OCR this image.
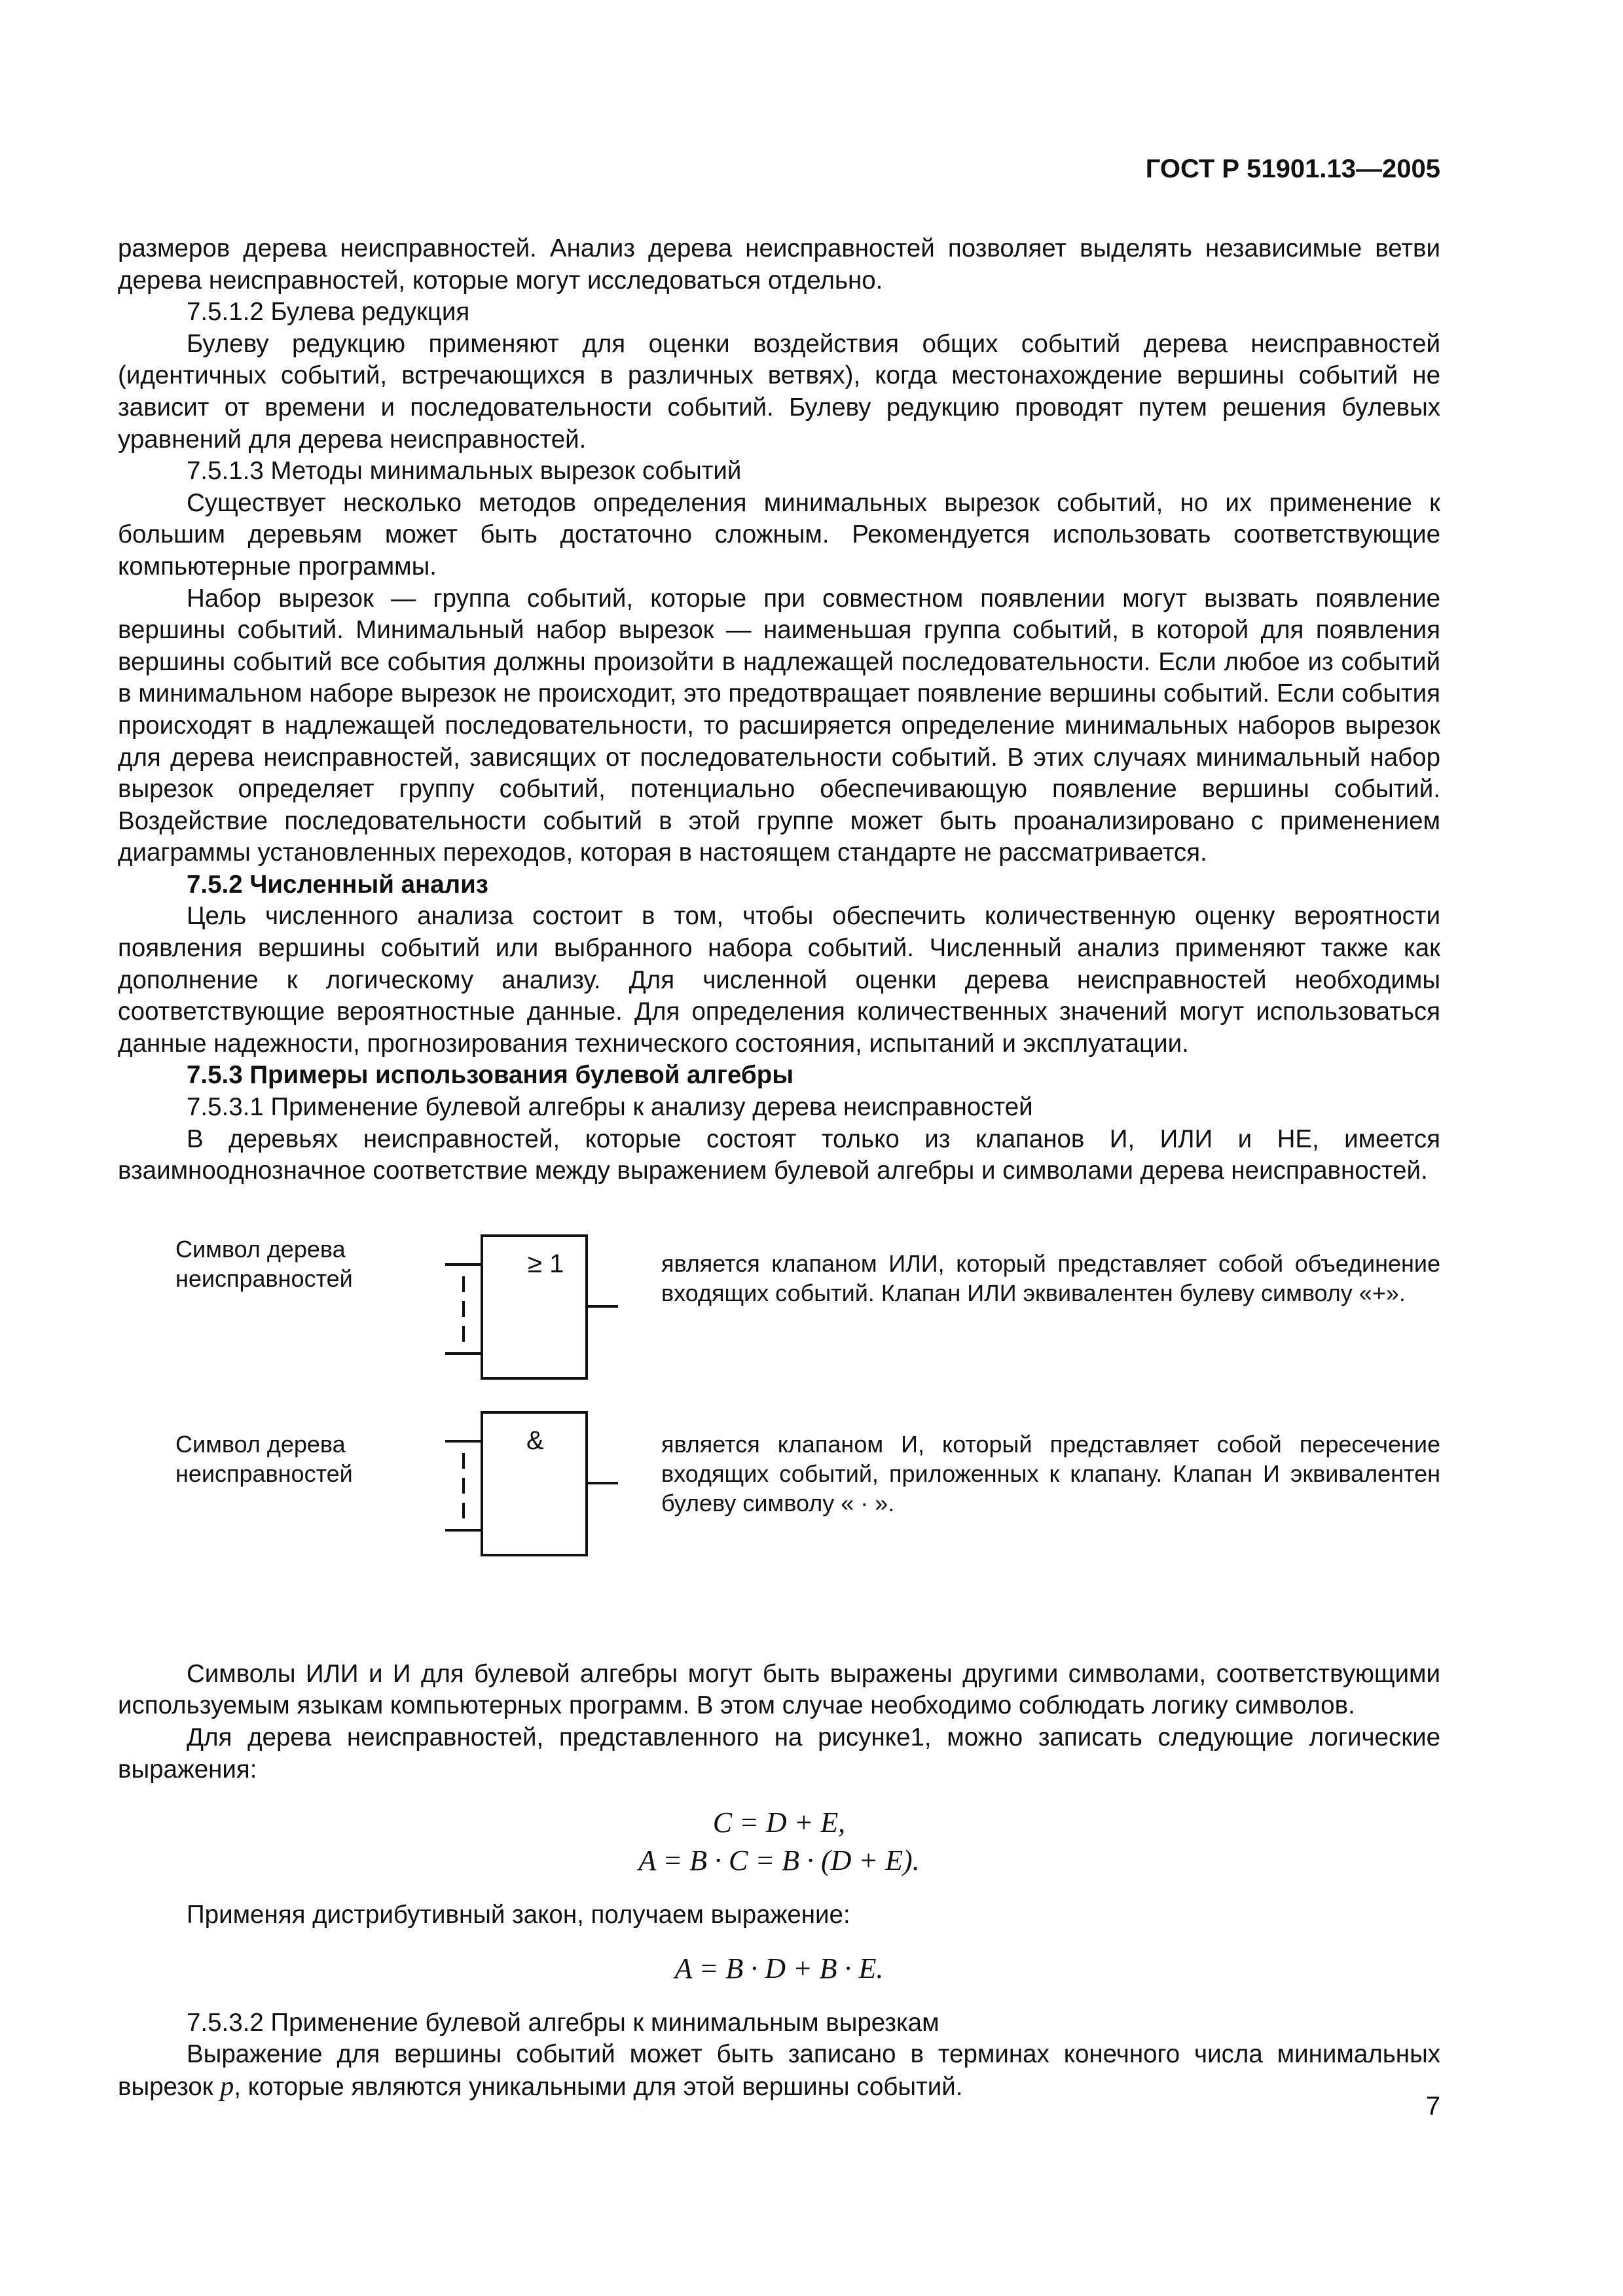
ГОСТ Р 51901.13—2005

размеров дерева неисправностей. Анализ дерева неисправностей позволяет выделять независимые ветви дерева неисправностей, которые могут исследоваться отдельно.

7.5.1.2 Булева редукция

Булеву редукцию применяют для оценки воздействия общих событий дерева неисправностей (идентичных событий, встречающихся в различных ветвях), когда местонахождение вершины событий не зависит от времени и последовательности событий. Булеву редукцию проводят путем решения булевых уравнений для дерева неисправностей.

7.5.1.3 Методы минимальных вырезок событий

Существует несколько методов определения минимальных вырезок событий, но их применение к большим деревьям может быть достаточно сложным. Рекомендуется использовать соответствующие компьютерные программы.

Набор вырезок — группа событий, которые при совместном появлении могут вызвать появление вершины событий. Минимальный набор вырезок — наименьшая группа событий, в которой для появления вершины событий все события должны произойти в надлежащей последовательности. Если любое из событий в минимальном наборе вырезок не происходит, это предотвращает появление вершины событий. Если события происходят в надлежащей последовательности, то расширяется определение минимальных наборов вырезок для дерева неисправностей, зависящих от последовательности событий. В этих случаях минимальный набор вырезок определяет группу событий, потенциально обеспечивающую появление вершины событий. Воздействие последовательности событий в этой группе может быть проанализировано с применением диаграммы установленных переходов, которая в настоящем стандарте не рассматривается.

7.5.2 Численный анализ

Цель численного анализа состоит в том, чтобы обеспечить количественную оценку вероятности появления вершины событий или выбранного набора событий. Численный анализ применяют также как дополнение к логическому анализу. Для численной оценки дерева неисправностей необходимы соответствующие вероятностные данные. Для определения количественных значений могут использоваться данные надежности, прогнозирования технического состояния, испытаний и эксплуатации.

7.5.3 Примеры использования булевой алгебры

7.5.3.1 Применение булевой алгебры к анализу дерева неисправностей

В деревьях неисправностей, которые состоят только из клапанов И, ИЛИ и НЕ, имеется взаимнооднозначное соответствие между выражением булевой алгебры и символами дерева неисправностей.

Символ дерева неисправностей
является клапаном ИЛИ, который представляет собой объединение входящих событий. Клапан ИЛИ эквивалентен булеву символу «+».
≥ 1
Символ дерева неисправностей
является клапаном И, который представляет собой пересечение входящих событий, приложенных к клапану. Клапан И эквивалентен булеву символу « · ».
&

Символы ИЛИ и И для булевой алгебры могут быть выражены другими символами, соответствующими используемым языкам компьютерных программ. В этом случае необходимо соблюдать логику символов.

Для дерева неисправностей, представленного на рисунке1, можно записать следующие логические выражения:

C = D + E,
A = B · C = B · (D + E).

Применяя дистрибутивный закон, получаем выражение:

A = B · D + B · E.

7.5.3.2 Применение булевой алгебры к минимальным вырезкам

Выражение для вершины событий может быть записано в терминах конечного числа минимальных вырезок p, которые являются уникальными для этой вершины событий.

7
